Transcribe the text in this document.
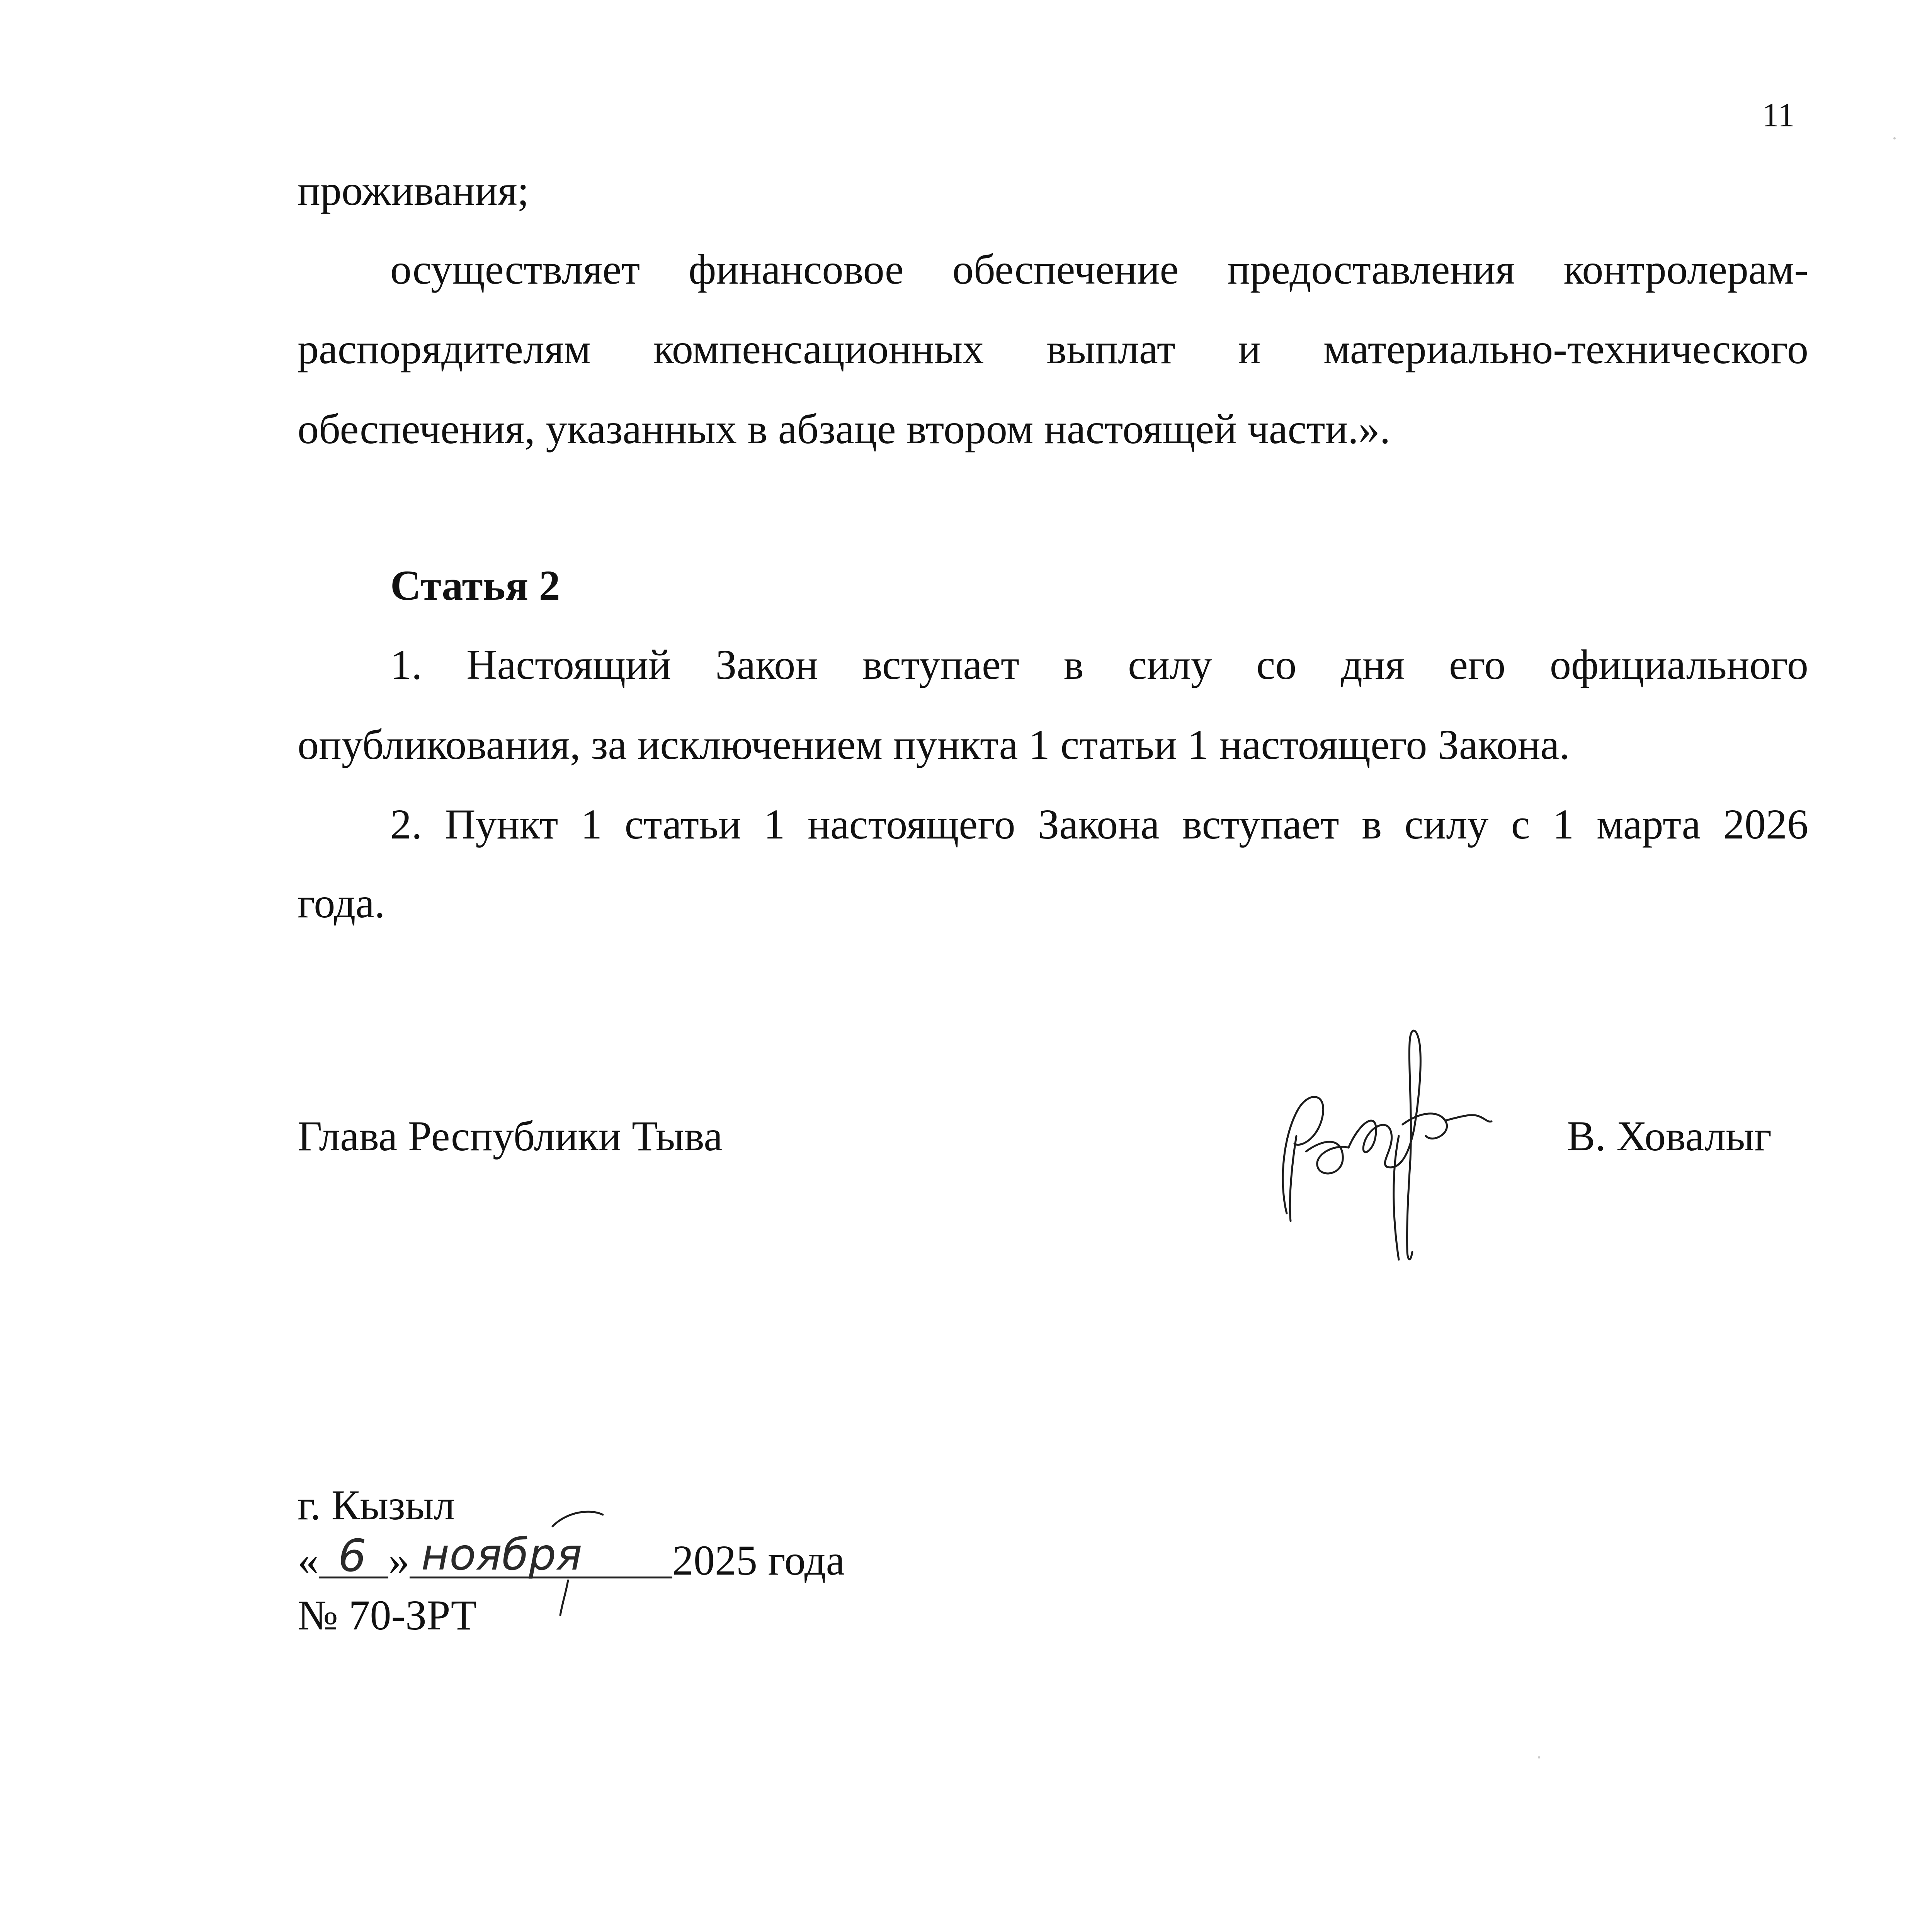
11
проживания;
осуществляет финансовое обеспечение предоставления контролерам-
распорядителям компенсационных выплат и материально-технического
обеспечения, указанных в абзаце втором настоящей части.».
Статья 2
1. Настоящий Закон вступает в силу со дня его официального
опубликования, за исключением пункта 1 статьи 1 настоящего Закона.
2. Пункт 1 статьи 1 настоящего Закона вступает в силу с 1 марта 2026
года.
Глава Республики Тыва	В. Ховалыг
г. Кызыл
« 6 » ноября 2025 года
№ 70-ЗРТ
